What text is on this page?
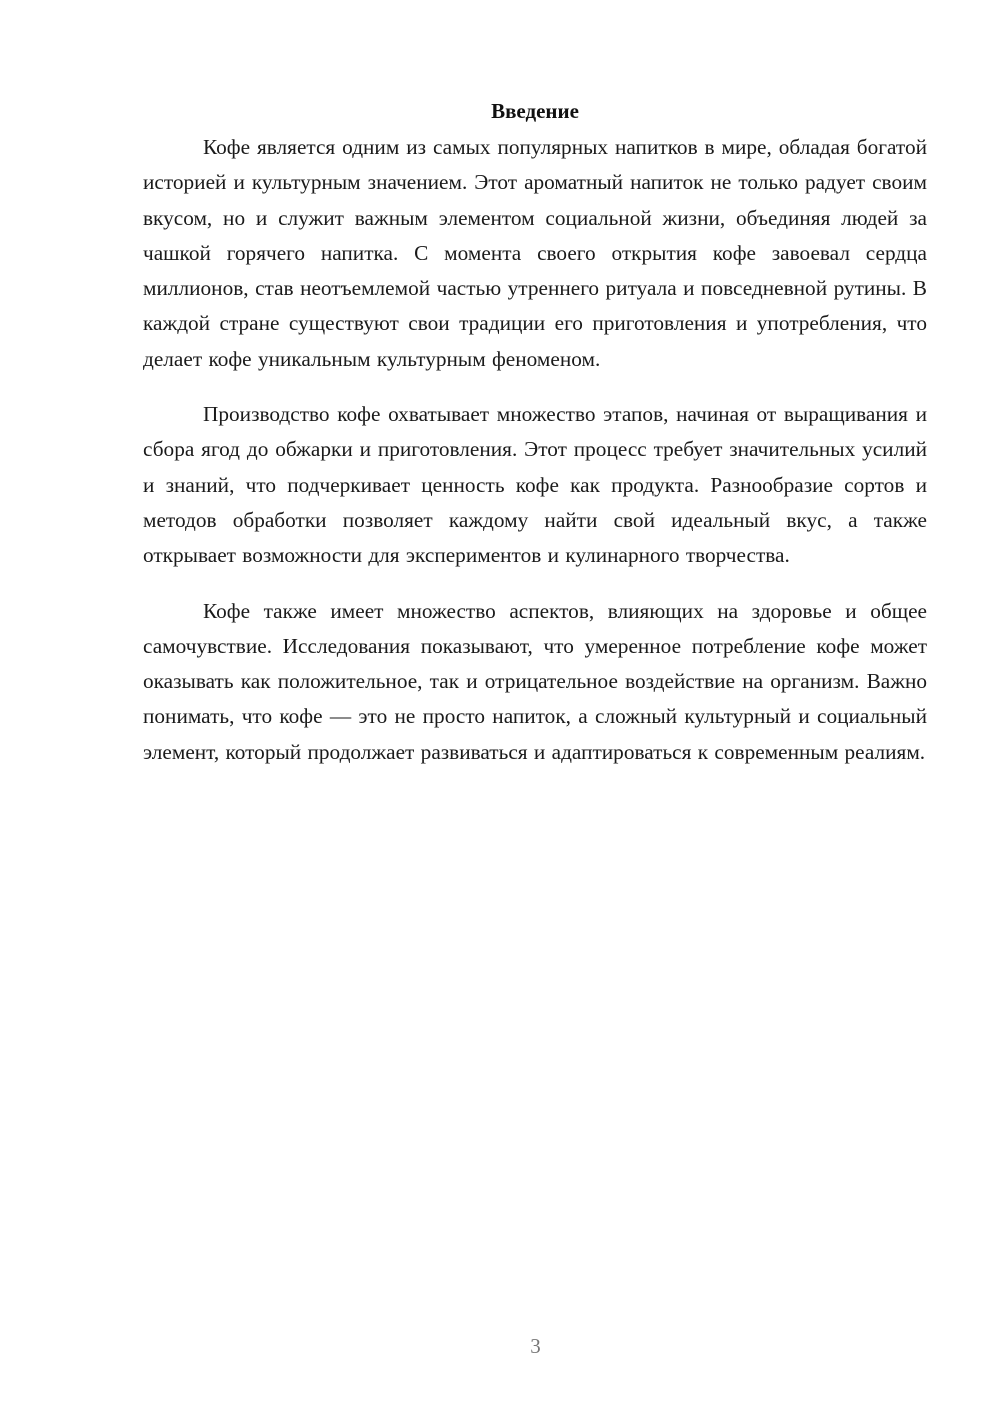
Введение

Кофе является одним из самых популярных напитков в мире, обладая богатой историей и культурным значением. Этот ароматный напиток не только радует своим вкусом, но и служит важным элементом социальной жизни, объединяя людей за чашкой горячего напитка. С момента своего открытия кофе завоевал сердца миллионов, став неотъемлемой частью утреннего ритуала и повседневной рутины. В каждой стране существуют свои традиции его приготовления и употребления, что делает кофе уникальным культурным феноменом.

Производство кофе охватывает множество этапов, начиная от выращивания и сбора ягод до обжарки и приготовления. Этот процесс требует значительных усилий и знаний, что подчеркивает ценность кофе как продукта. Разнообразие сортов и методов обработки позволяет каждому найти свой идеальный вкус, а также открывает возможности для экспериментов и кулинарного творчества.

Кофе также имеет множество аспектов, влияющих на здоровье и общее самочувствие. Исследования показывают, что умеренное потребление кофе может оказывать как положительное, так и отрицательное воздействие на организм. Важно понимать, что кофе — это не просто напиток, а сложный культурный и социальный элемент, который продолжает развиваться и адаптироваться к современным реалиям.

3
